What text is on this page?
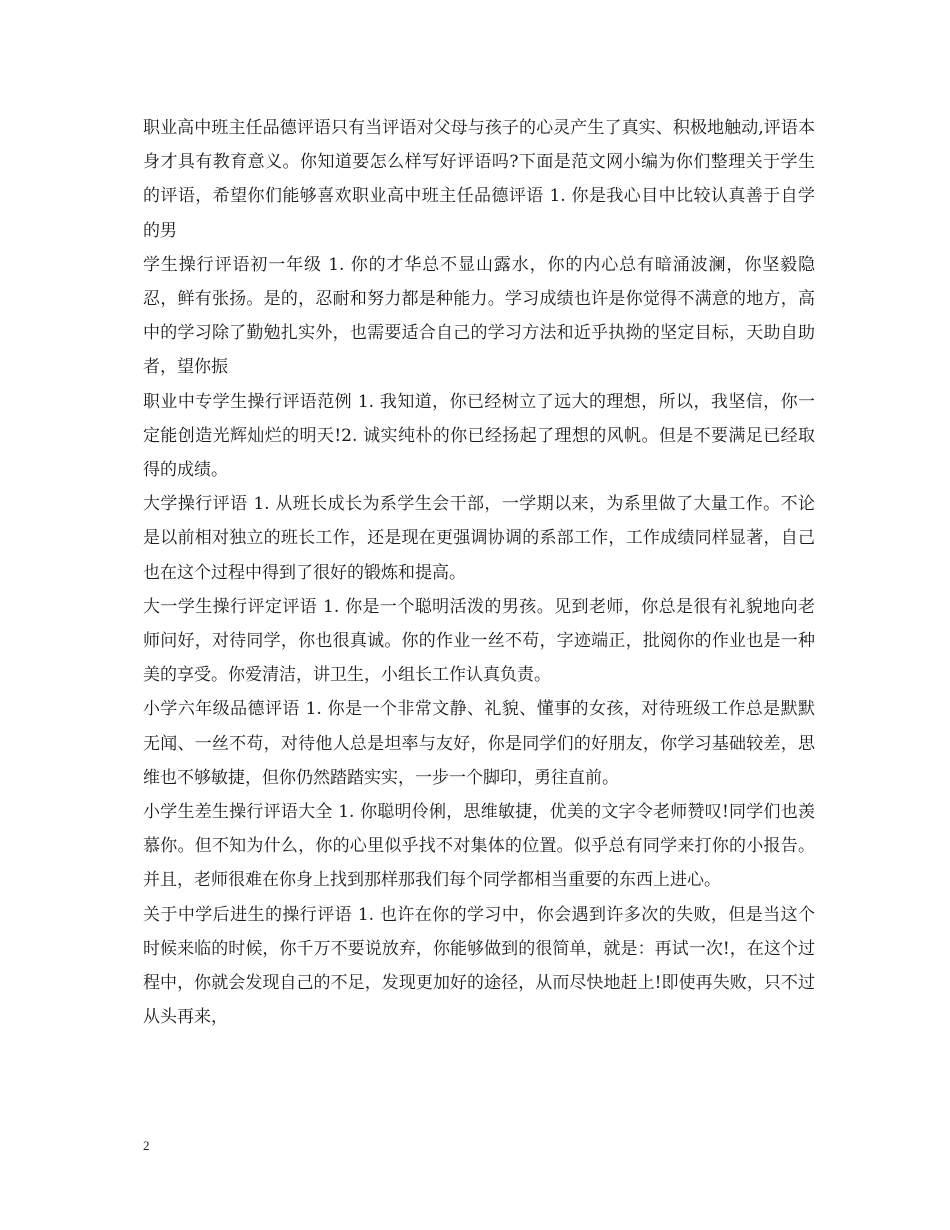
职业高中班主任品德评语只有当评语对父母与孩子的心灵产生了真实、积极地触动,评语本身才具有教育意义。你知道要怎么样写好评语吗?下面是范文网小编为你们整理关于学生的评语，希望你们能够喜欢职业高中班主任品德评语 1. 你是我心目中比较认真善于自学的男

学生操行评语初一年级 1. 你的才华总不显山露水，你的内心总有暗涌波澜，你坚毅隐忍，鲜有张扬。是的，忍耐和努力都是种能力。学习成绩也许是你觉得不满意的地方，高中的学习除了勤勉扎实外，也需要适合自己的学习方法和近乎执拗的坚定目标，天助自助者，望你振

职业中专学生操行评语范例 1. 我知道，你已经树立了远大的理想，所以，我坚信，你一定能创造光辉灿烂的明天!2. 诚实纯朴的你已经扬起了理想的风帆。但是不要满足已经取得的成绩。

大学操行评语 1. 从班长成长为系学生会干部，一学期以来，为系里做了大量工作。不论是以前相对独立的班长工作，还是现在更强调协调的系部工作，工作成绩同样显著，自己也在这个过程中得到了很好的锻炼和提高。

大一学生操行评定评语 1. 你是一个聪明活泼的男孩。见到老师，你总是很有礼貌地向老师问好，对待同学，你也很真诚。你的作业一丝不苟，字迹端正，批阅你的作业也是一种美的享受。你爱清洁，讲卫生，小组长工作认真负责。

小学六年级品德评语 1. 你是一个非常文静、礼貌、懂事的女孩，对待班级工作总是默默无闻、一丝不苟，对待他人总是坦率与友好，你是同学们的好朋友，你学习基础较差，思维也不够敏捷，但你仍然踏踏实实，一步一个脚印，勇往直前。

小学生差生操行评语大全 1. 你聪明伶俐，思维敏捷，优美的文字令老师赞叹!同学们也羡慕你。但不知为什么，你的心里似乎找不对集体的位置。似乎总有同学来打你的小报告。并且，老师很难在你身上找到那样那我们每个同学都相当重要的东西上进心。

关于中学后进生的操行评语 1. 也许在你的学习中，你会遇到许多次的失败，但是当这个时候来临的时候，你千万不要说放弃，你能够做到的很简单，就是：再试一次!，在这个过程中，你就会发现自己的不足，发现更加好的途径，从而尽快地赶上!即使再失败，只不过从头再来，

2
